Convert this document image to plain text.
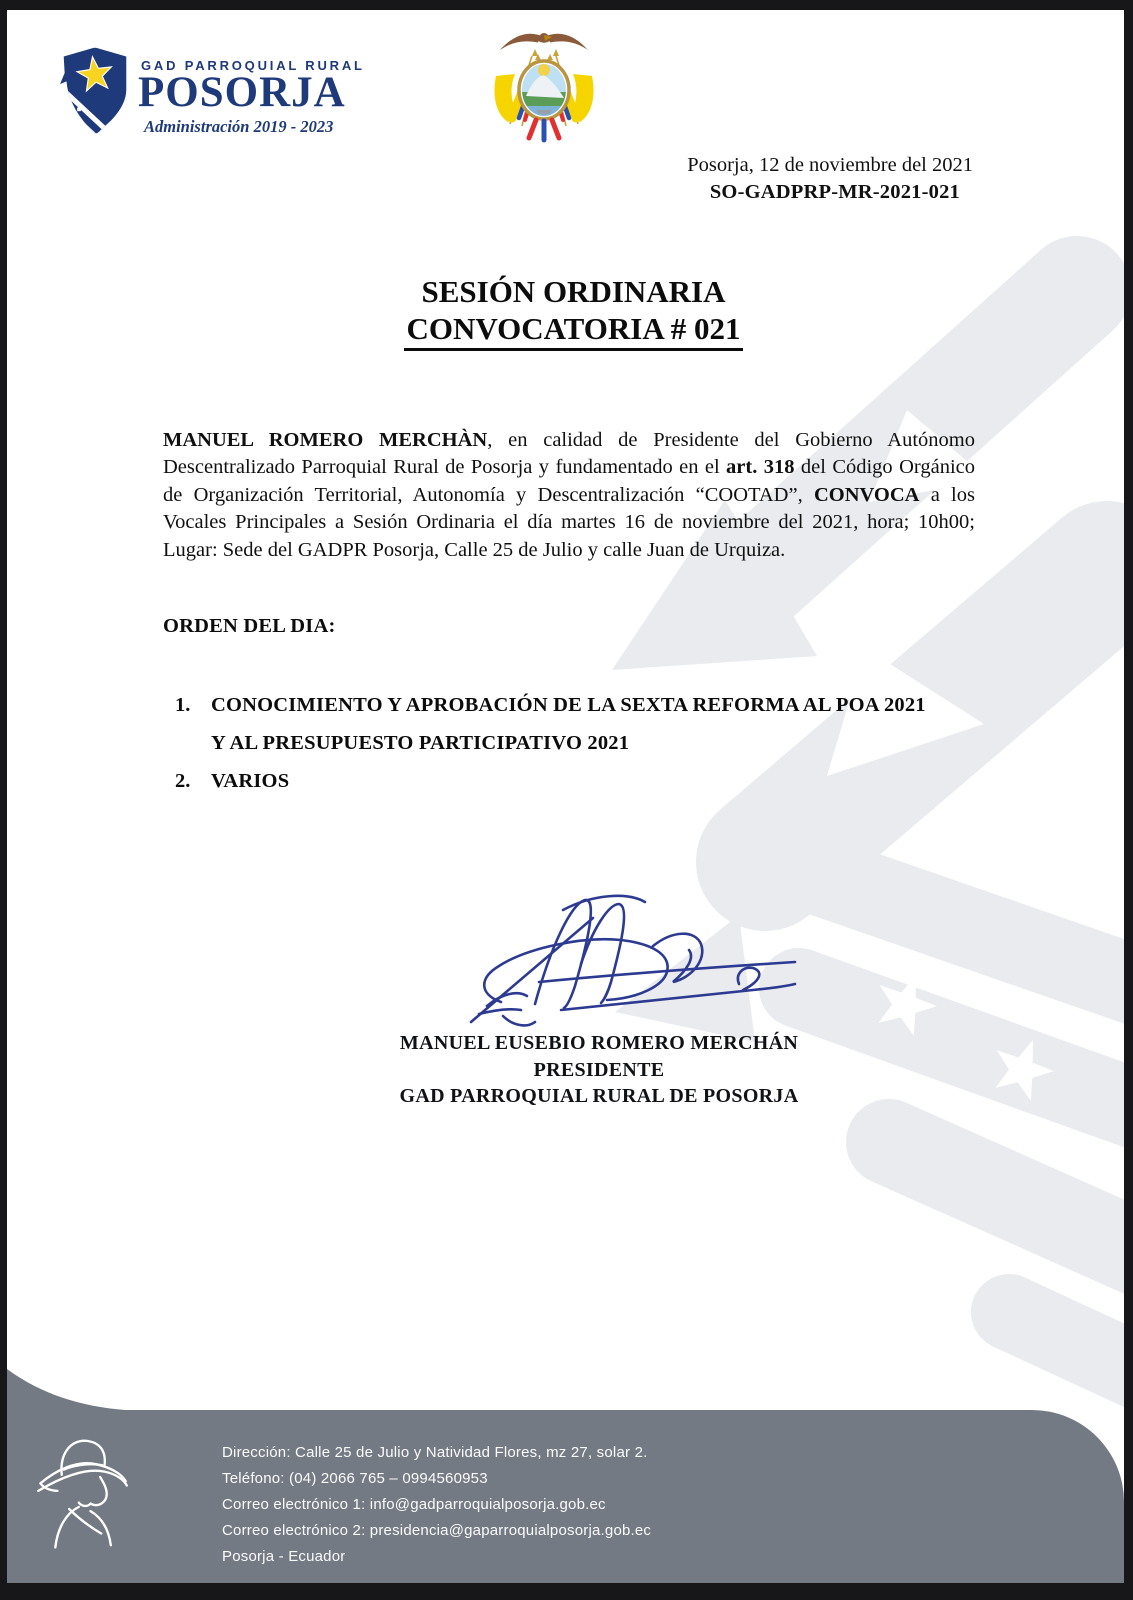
GAD PARROQUIAL RURAL
POSORJA
Administración 2019 - 2023
Posorja, 12 de noviembre del 2021
SO-GADPRP-MR-2021-021
SESIÓN ORDINARIA
CONVOCATORIA # 021

MANUEL ROMERO MERCHÀN, en calidad de Presidente del Gobierno Autónomo Descentralizado Parroquial Rural de Posorja y fundamentado en el art. 318 del Código Orgánico de Organización Territorial, Autonomía y Descentralización “COOTAD”, CONVOCA a los Vocales Principales a Sesión Ordinaria el día martes 16 de noviembre del 2021, hora; 10h00; Lugar: Sede del GADPR Posorja, Calle 25 de Julio y calle Juan de Urquiza.

ORDEN DEL DIA:
1.	CONOCIMIENTO Y APROBACIÓN DE LA SEXTA REFORMA AL POA 2021
Y AL PRESUPUESTO PARTICIPATIVO 2021
2.	VARIOS
MANUEL EUSEBIO ROMERO MERCHÁN
PRESIDENTE
GAD PARROQUIAL RURAL DE POSORJA
Dirección: Calle 25 de Julio y Natividad Flores, mz 27, solar 2.
Teléfono: (04) 2066 765 – 0994560953
Correo electrónico 1: info@gadparroquialposorja.gob.ec
Correo electrónico 2: presidencia@gaparroquialposorja.gob.ec
Posorja - Ecuador
